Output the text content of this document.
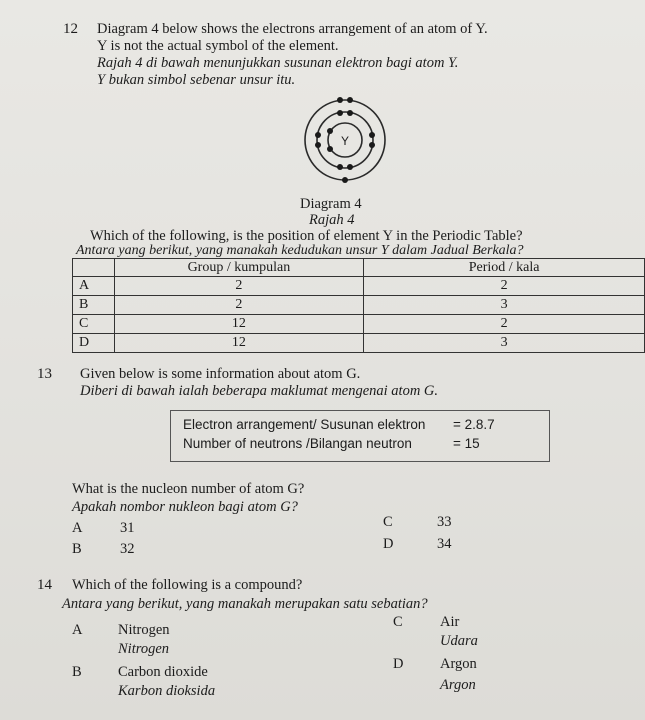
12 Diagram 4 below shows the electrons arrangement of an atom of Y.
Y is not the actual symbol of the element.
Rajah 4 di bawah menunjukkan susunan elektron bagi atom Y.
Y bukan simbol sebenar unsur itu.
Y
Diagram 4
Rajah 4
Which of the following, is the position of element Y in the Periodic Table?
Antara yang berikut, yang manakah kedudukan unsur Y dalam Jadual Berkala?
	Group / kumpulan	Period / kala
A	2	2
B	2	3
C	12	2
D	12	3
13 Given below is some information about atom G.
Diberi di bawah ialah beberapa maklumat mengenai atom G.
Electron arrangement/ Susunan elektron = 2.8.7
Number of neutrons /Bilangan neutron	= 15
What is the nucleon number of atom G?
Apakah nombor nukleon bagi atom G?
A	31
B	32
C	33
D	34
14 Which of the following is a compound?
Antara yang berikut, yang manakah merupakan satu sebatian?
A Nitrogen
Nitrogen
B	Carbon dioxide
Karbon dioksida
C	Air
Udara
D	Argon
Argon
